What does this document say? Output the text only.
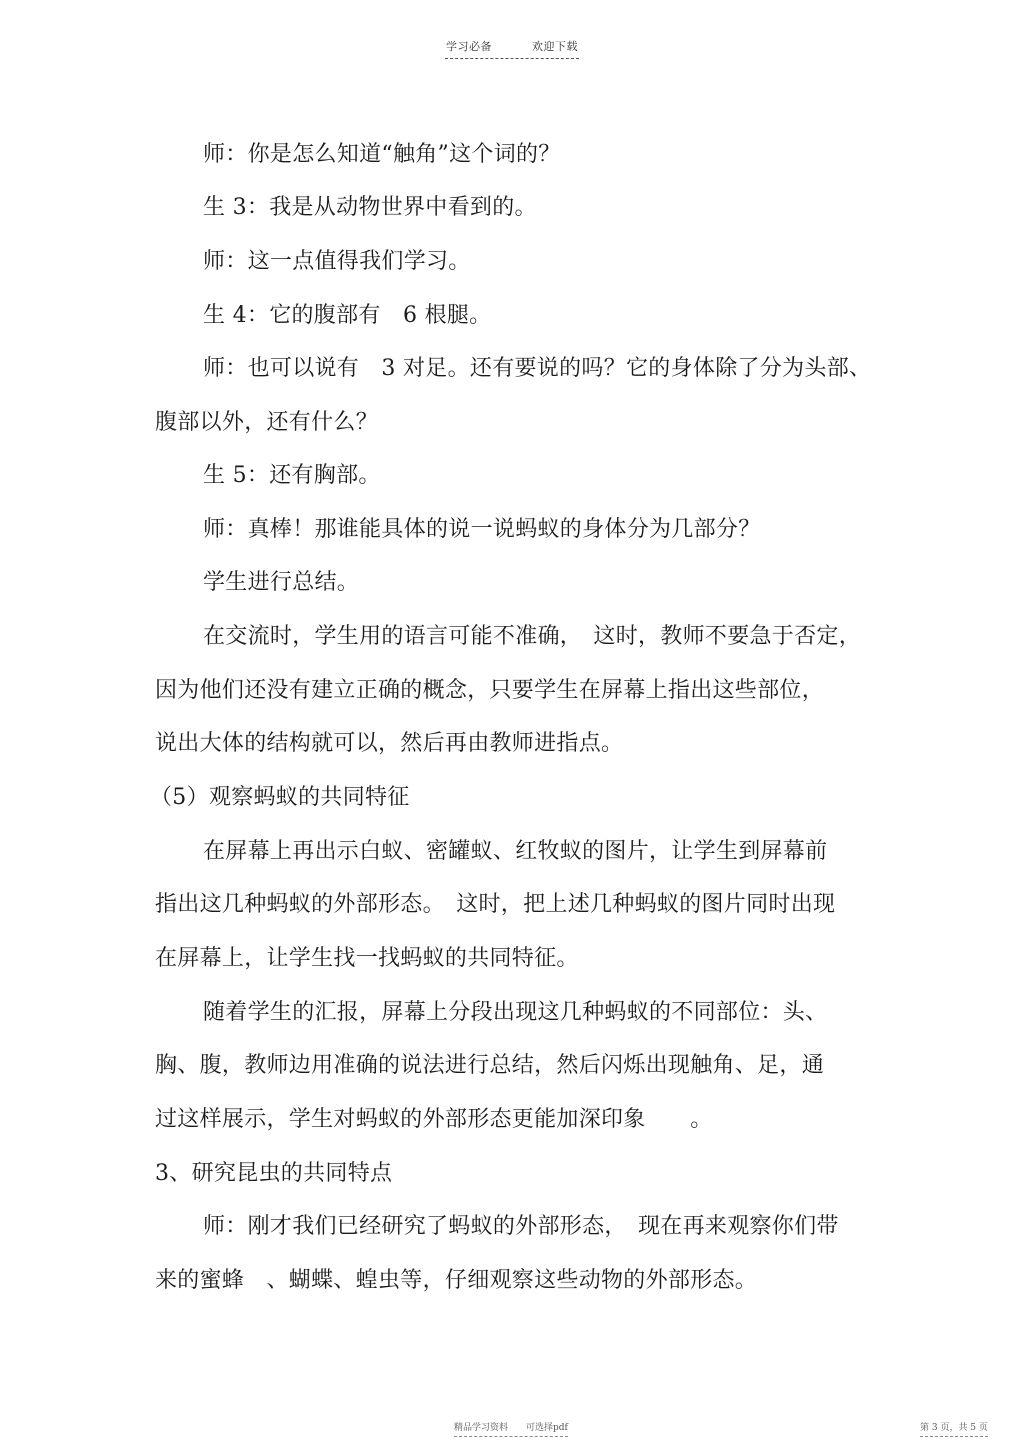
学习必备	欢迎下载
师：你是怎么知道“触角”这个词的？
生 3：我是从动物世界中看到的。
师：这一点值得我们学习。
生 4：它的腹部有　6 根腿。
师：也可以说有　3 对足。还有要说的吗？它的身体除了分为头部、
腹部以外，还有什么？
生 5：还有胸部。
师：真棒！那谁能具体的说一说蚂蚁的身体分为几部分？
学生进行总结。
在交流时，学生用的语言可能不准确，　这时，教师不要急于否定，
因为他们还没有建立正确的概念，只要学生在屏幕上指出这些部位，
说出大体的结构就可以，然后再由教师进指点。
（5）观察蚂蚁的共同特征
在屏幕上再出示白蚁、密罐蚁、红牧蚁的图片，让学生到屏幕前
指出这几种蚂蚁的外部形态。　这时，把上述几种蚂蚁的图片同时出现
在屏幕上，让学生找一找蚂蚁的共同特征。
随着学生的汇报，屏幕上分段出现这几种蚂蚁的不同部位：头、
胸、腹，教师边用准确的说法进行总结，然后闪烁出现触角、足，通
过这样展示，学生对蚂蚁的外部形态更能加深印象　　。
3、研究昆虫的共同特点
师：刚才我们已经研究了蚂蚁的外部形态，　现在再来观察你们带
来的蜜蜂　、蝴蝶、蝗虫等，仔细观察这些动物的外部形态。
精品学习资料　　可选择pdf	第 3 页，共 5 页
